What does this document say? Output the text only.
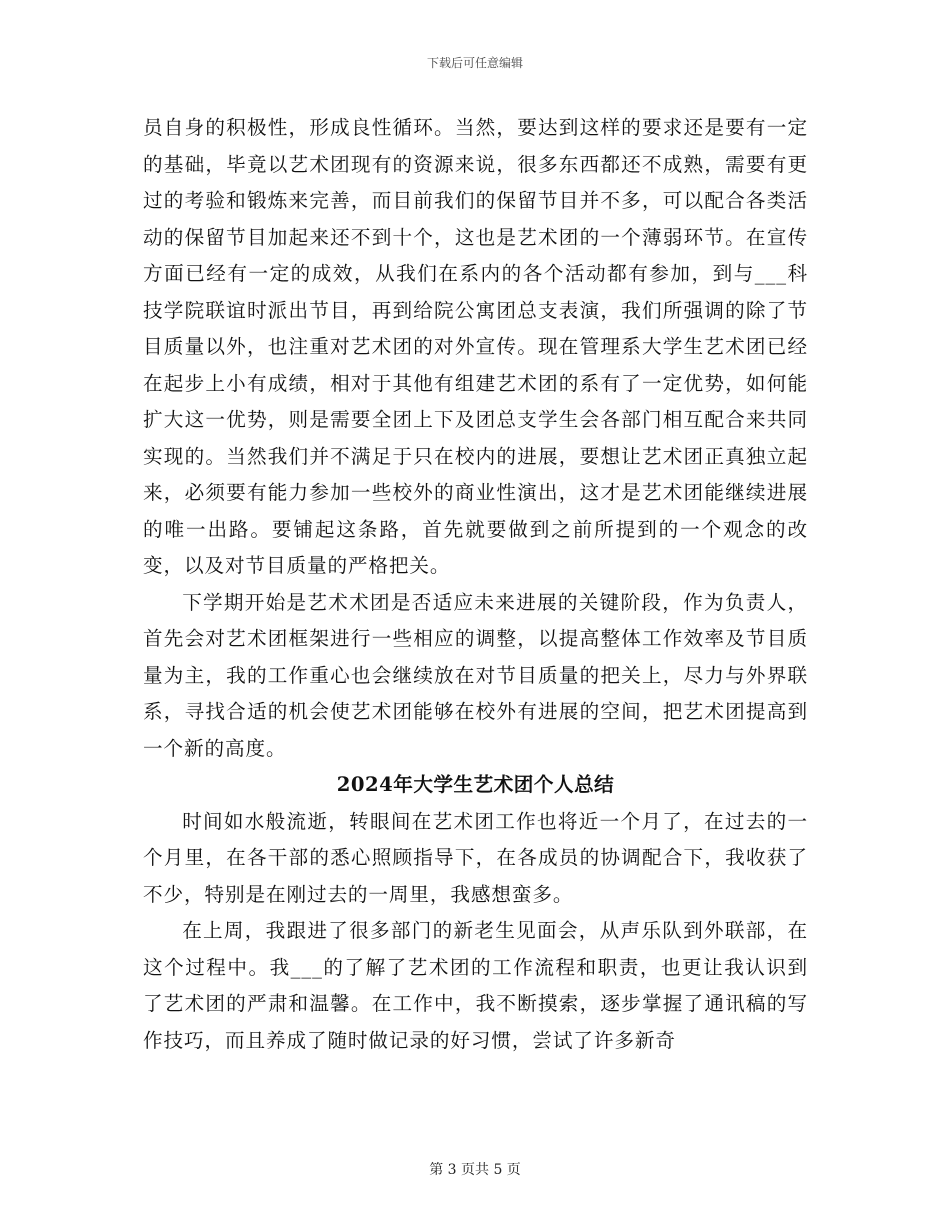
下载后可任意编辑

员自身的积极性，形成良性循环。当然，要达到这样的要求还是要有一定的基础，毕竟以艺术团现有的资源来说，很多东西都还不成熟，需要有更过的考验和锻炼来完善，而目前我们的保留节目并不多，可以配合各类活动的保留节目加起来还不到十个，这也是艺术团的一个薄弱环节。在宣传方面已经有一定的成效，从我们在系内的各个活动都有参加，到与___科技学院联谊时派出节目，再到给院公寓团总支表演，我们所强调的除了节目质量以外，也注重对艺术团的对外宣传。现在管理系大学生艺术团已经在起步上小有成绩，相对于其他有组建艺术团的系有了一定优势，如何能扩大这一优势，则是需要全团上下及团总支学生会各部门相互配合来共同实现的。当然我们并不满足于只在校内的进展，要想让艺术团正真独立起来，必须要有能力参加一些校外的商业性演出，这才是艺术团能继续进展的唯一出路。要铺起这条路，首先就要做到之前所提到的一个观念的改变，以及对节目质量的严格把关。

下学期开始是艺术术团是否适应未来进展的关键阶段，作为负责人，首先会对艺术团框架进行一些相应的调整，以提高整体工作效率及节目质量为主，我的工作重心也会继续放在对节目质量的把关上，尽力与外界联系，寻找合适的机会使艺术团能够在校外有进展的空间，把艺术团提高到一个新的高度。

2024年大学生艺术团个人总结

时间如水般流逝，转眼间在艺术团工作也将近一个月了，在过去的一个月里，在各干部的悉心照顾指导下，在各成员的协调配合下，我收获了不少，特别是在刚过去的一周里，我感想蛮多。

在上周，我跟进了很多部门的新老生见面会，从声乐队到外联部，在这个过程中。我___的了解了艺术团的工作流程和职责，也更让我认识到了艺术团的严肃和温馨。在工作中，我不断摸索，逐步掌握了通讯稿的写作技巧，而且养成了随时做记录的好习惯，尝试了许多新奇

第 3 页共 5 页
